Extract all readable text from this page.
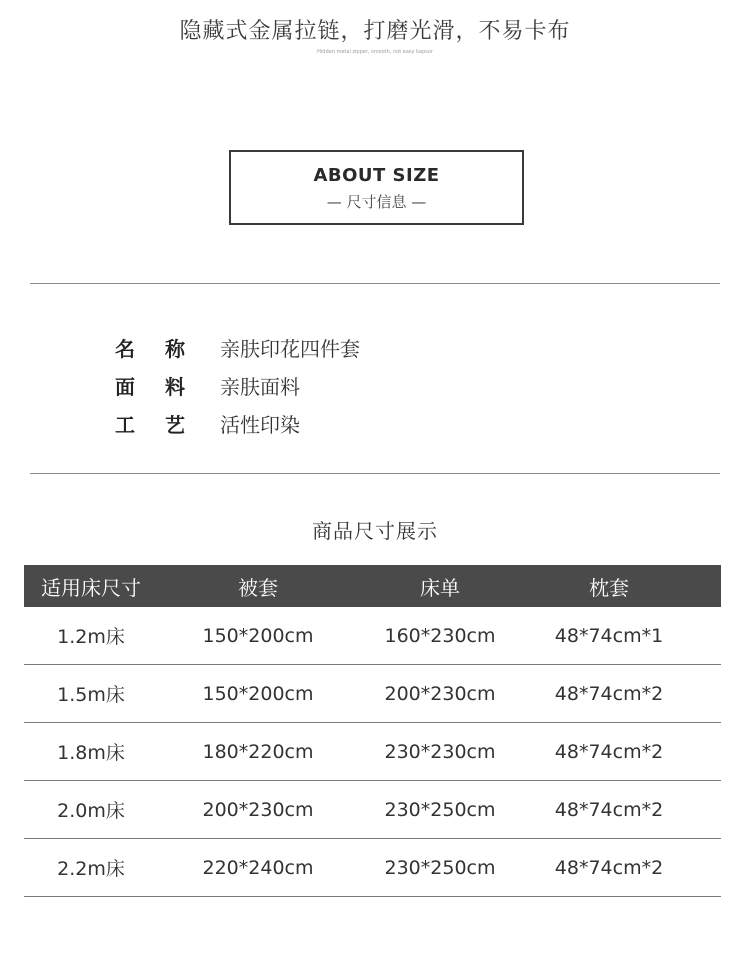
隐藏式金属拉链，打磨光滑，不易卡布
Hidden metal zipper, smooth, not easy kapsor
ABOUT SIZE
— 尺寸信息 —
名 称 亲肤印花四件套
面 料 亲肤面料
工 艺 活性印染
商品尺寸展示
适用床尺寸	被套	床单	枕套
1.2m床	150*200cm	160*230cm	48*74cm*1
1.5m床	150*200cm	200*230cm	48*74cm*2
1.8m床	180*220cm	230*230cm	48*74cm*2
2.0m床	200*230cm	230*250cm	48*74cm*2
2.2m床	220*240cm	230*250cm	48*74cm*2
